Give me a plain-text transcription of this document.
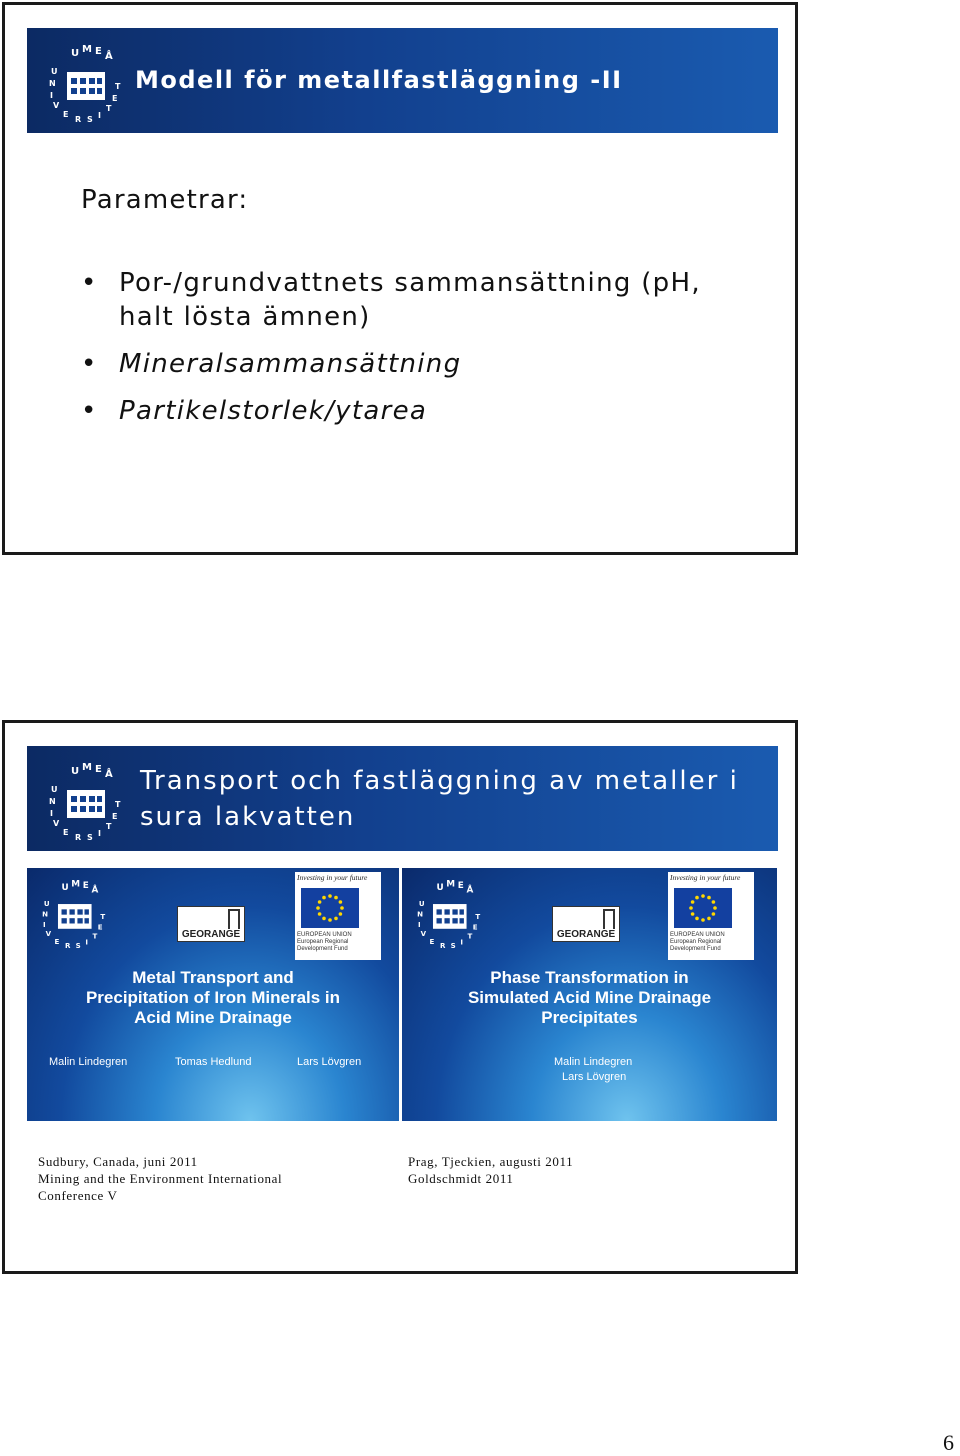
U M E Å
U
N
I
V
E
R S I
T
E
T Modell för metallfastläggning -II
Parametrar:
• Por-/grundvattnets sammansättning (pH, halt lösta ämnen)
• Mineralsammansättning
• Partikelstorlek/ytarea
U M E Å
U
N
I
V
E
R S I
T
E
T
Transport och fastläggning av metaller i sura lakvatten
U M E Å
U
N
I
V
E R S I
T
E
T
GEORANGE
Investing in your future
EUROPEAN UNION
European Regional
Development Fund
Metal Transport and
Precipitation of Iron Minerals in
Acid Mine Drainage
Malin Lindegren	Tomas Hedlund	Lars Lövgren
U M E Å
U
N
I
V
E R S I
T
E
T
GEORANGE
Investing in your future
EUROPEAN UNION
European Regional
Development Fund
Phase Transformation in
Simulated Acid Mine Drainage
Precipitates
Malin Lindegren
Lars Lövgren
Sudbury, Canada, juni 2011
Mining and the Environment International
Conference V
Prag, Tjeckien, augusti 2011
Goldschmidt 2011
6
